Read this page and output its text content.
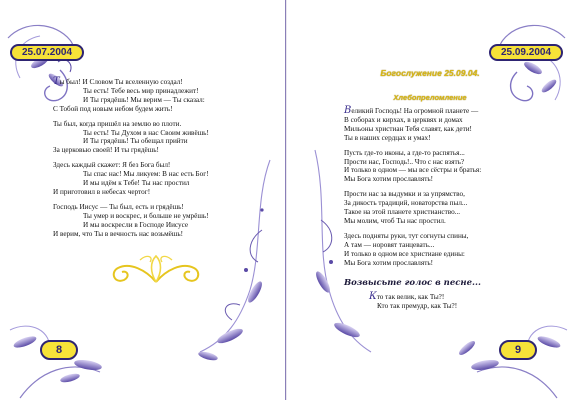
25.07.2004

Ты был! И Словом Ты вселенную создал!

Ты есть! Тебе весь мир принадлежит!

И Ты грядёшь! Мы верим — Ты сказал:

С Тобой под новым небом будем жить!

Ты был, когда пришёл на землю во плоти.

Ты есть! Ты Духом в нас Своим живёшь!

И Ты грядёшь! Ты обещал прийти

За церковью своей! И ты грядёшь!

Здесь каждый скажет: Я без Бога был!

Ты спас нас! Мы ликуем: В нас есть Бог!

И мы идём к Тебе! Ты нас простил

И приготовил в небесах чертог!

Господь Иисус — Ты был, есть и грядёшь!

Ты умер и воскрес, и больше не умрёшь!

И мы воскресли в Господе Иисусе

И верим, что Ты в вечность нас возьмёшь!

8
25.09.2004
Богослужение 25.09.04.
Хлебопреломление

Великий Господь! На огромной планете —

В соборах и кирхах, в церквях и домах

Мильоны христиан Тебя славят, как дети!

Ты в наших сердцах и умах!

Пусть где-то иконы, а где-то распятья...

Прости нас, Господь!.. Что с нас взять?

И только в одном — мы все сёстры и братья:

Мы Бога хотим прославлять!

Прости нас за выдумки и за упрямство,

За дикость традиций, новаторства пыл...

Такое на этой планете христианство...

Мы молим, чтоб Ты нас простил.

Здесь подняты руки, тут согнуты спины,

А там — норовят танцевать...

И только в одном все христиане едины:

Мы Бога хотим прославлять!

Возвысьте голос в песне...

Кто так велик, как Ты?!

Кто так премудр, как Ты?!

9
